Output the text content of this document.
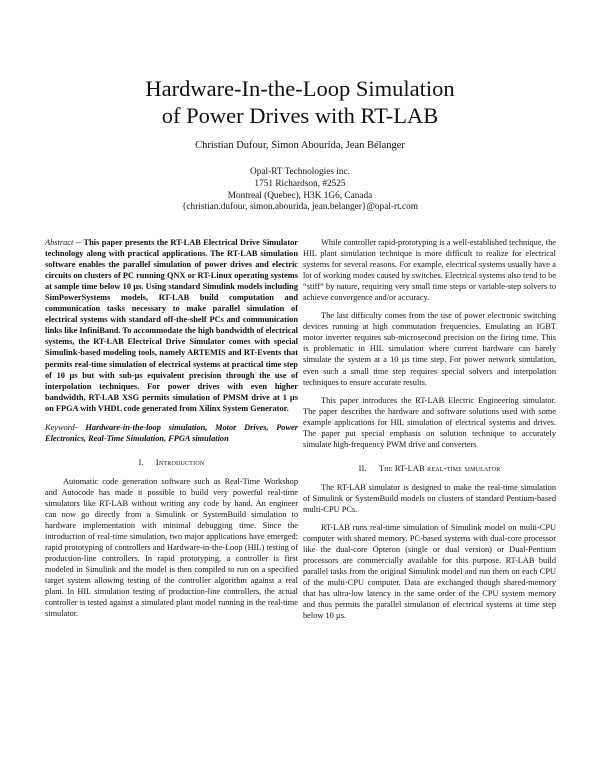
Hardware-In-the-Loop Simulation
of Power Drives with RT-LAB
Christian Dufour, Simon Abourida, Jean Bélanger
Opal-RT Technologies inc.
1751 Richardson, #2525
Montreal (Quebec), H3K 1G6, Canada
{christian.dufour, simon.abourida, jean.belanger}@opal-rt.com

Abstract -- This paper presents the RT-LAB Electrical Drive Simulator technology along with practical applications. The RT-LAB simulation software enables the parallel simulation of power drives and electric circuits on clusters of PC running QNX or RT-Linux operating systems at sample time below 10 µs. Using standard Simulink models including SimPowerSystems models, RT-LAB build computation and communication tasks necessary to make parallel simulation of electrical systems with standard off-the-shelf PCs and communication links like InfiniBand. To accommodate the high bandwidth of electrical systems, the RT-LAB Electrical Drive Simulator comes with special Simulink-based modeling tools, namely ARTEMIS and RT-Events that permits real-time simulation of electrical systems at practical time step of 10 µs but with sub-µs equivalent precision through the use of interpolation techniques. For power drives with even higher bandwidth, RT-LAB XSG permits simulation of PMSM drive at 1 µs on FPGA with VHDL code generated from Xilinx System Generator.

Keyword- Hardware-in-the-loop simulation, Motor Drives, Power Electronics, Real-Time Simulation, FPGA simulation

I. Introduction

Automatic code generation software such as Real-Time Workshop and Autocode has made it possible to build very powerful real-time simulators like RT-LAB without writing any code by hand. An engineer can now go directly from a Simulink or SystemBuild simulation to hardware implementation with minimal debugging time. Since the introduction of real-time simulation, two major applications have emerged: rapid prototyping of controllers and Hardware-in-the-Loop (HIL) testing of production-line controllers. In rapid prototyping, a controller is first modeled in Simulink and the model is then compiled to run on a specified target system allowing testing of the controller algorithm against a real plant. In HIL simulation testing of production-line controllers, the actual controller is tested against a simulated plant model running in the real-time simulator.

While controller rapid-prototyping is a well-established technique, the HIL plant simulation technique is more difficult to realize for electrical systems for several reasons. For example, electrical systems usually have a lot of working modes caused by switches. Electrical systems also tend to be “stiff” by nature, requiring very small time steps or variable-step solvers to achieve convergence and/or accuracy.

The last difficulty comes from the use of power electronic switching devices running at high commutation frequencies. Emulating an IGBT motor inverter requires sub-microsecond precision on the firing time. This is problematic in HIL simulation where current hardware can barely simulate the system at a 10 µs time step. For power network simulation, even such a small time step requires special solvers and interpolation techniques to ensure accurate results.

This paper introduces the RT-LAB Electric Engineering simulator. The paper describes the hardware and software solutions used with some example applications for HIL simulation of electrical systems and drives. The paper put special emphasis on solution technique to accurately simulate high-frequency PWM drive and converters

II. The RT-LAB real-time simulator

The RT-LAB simulator is designed to make the real-time simulation of Simulink or SystemBuild models on clusters of standard Pentium-based multi-CPU PCs.

RT-LAB runs real-time simulation of Simulink model on multi-CPU computer with shared memory. PC-based systems with dual-core processor like the dual-core Opteron (single or dual version) or Dual-Pentium processors are commercially available for this purpose. RT-LAB build parallel tasks from the original Simulink model and run them on each CPU of the multi-CPU computer. Data are exchanged though shared-memory that has ultra-low latency in the same order of the CPU system memory and thus permits the parallel simulation of electrical systems at time step below 10 µs.
